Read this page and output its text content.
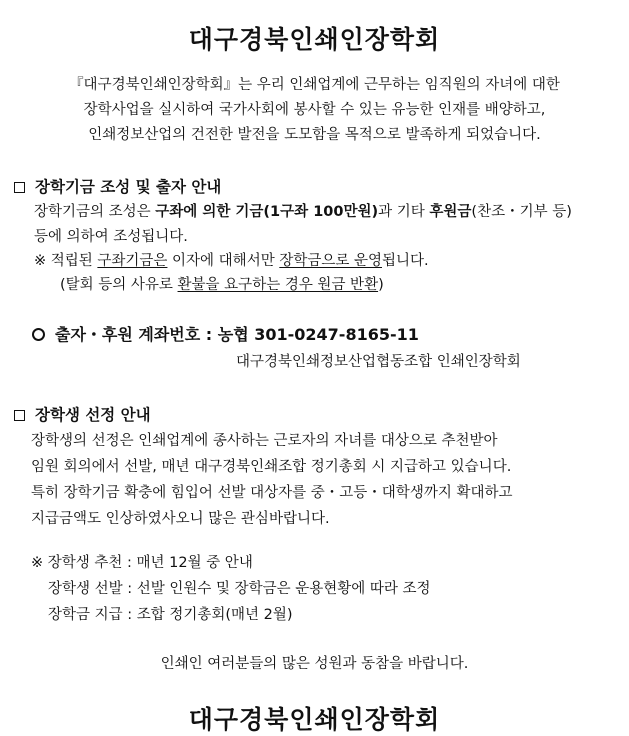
대구경북인쇄인장학회
『대구경북인쇄인장학회』는 우리 인쇄업계에 근무하는 임직원의 자녀에 대한
장학사업을 실시하여 국가사회에 봉사할 수 있는 유능한 인재를 배양하고,
인쇄정보산업의 건전한 발전을 도모함을 목적으로 발족하게 되었습니다.
장학기금 조성 및 출자 안내
장학기금의 조성은 구좌에 의한 기금(1구좌 100만원)과 기타 후원금(찬조・기부 등)
등에 의하여 조성됩니다.
※ 적립된 구좌기금은 이자에 대해서만 장학금으로 운영됩니다.
(탈회 등의 사유로 환불을 요구하는 경우 원금 반환)
출자・후원 계좌번호 : 농협 301-0247-8165-11
대구경북인쇄정보산업협동조합 인쇄인장학회
장학생 선정 안내
장학생의 선정은 인쇄업계에 종사하는 근로자의 자녀를 대상으로 추천받아
임원 회의에서 선발, 매년 대구경북인쇄조합 정기총회 시 지급하고 있습니다.
특히 장학기금 확충에 힘입어 선발 대상자를 중・고등・대학생까지 확대하고
지급금액도 인상하였사오니 많은 관심바랍니다.
※ 장학생 추천 : 매년 12월 중 안내
장학생 선발 : 선발 인원수 및 장학금은 운용현황에 따라 조정
장학금 지급 : 조합 정기총회(매년 2월)
인쇄인 여러분들의 많은 성원과 동참을 바랍니다.
대구경북인쇄인장학회
